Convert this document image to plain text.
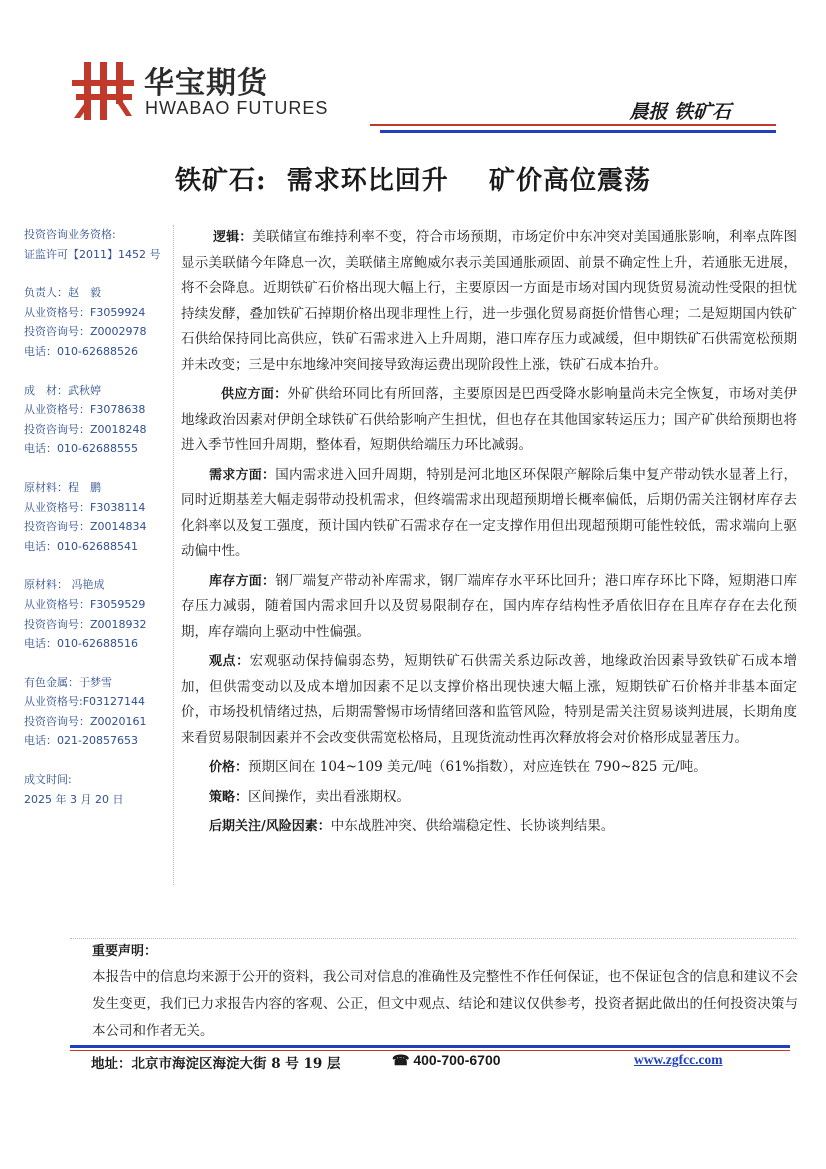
华宝期货
HWABAO FUTURES	晨报 铁矿石
铁矿石:  需求环比回升    矿价高位震荡
投资咨询业务资格:
证监许可【2011】1452 号
负责人：赵　毅
从业资格号：F3059924
投资咨询号：Z0002978
电话：010-62688526
成　材：武秋婷
从业资格号：F3078638
投资咨询号：Z0018248
电话：010-62688555
原材料：程　鹏
从业资格号：F3038114
投资咨询号：Z0014834
电话：010-62688541
原材料： 冯艳成
从业资格号：F3059529
投资咨询号：Z0018932
电话：010-62688516
有色金属：于梦雪
从业资格号:F03127144
投资咨询号：Z0020161
电话：021-20857653
成文时间:
2025 年 3 月 20 日

逻辑：美联储宣布维持利率不变，符合市场预期，市场定价中东冲突对美国通胀影响，利率点阵图显示美联储今年降息一次，美联储主席鲍威尔表示美国通胀顽固、前景不确定性上升，若通胀无进展，将不会降息。近期铁矿石价格出现大幅上行，主要原因一方面是市场对国内现货贸易流动性受限的担忧持续发酵，叠加铁矿石掉期价格出现非理性上行，进一步强化贸易商挺价惜售心理；二是短期国内铁矿石供给保持同比高供应，铁矿石需求进入上升周期，港口库存压力或减缓，但中期铁矿石供需宽松预期并未改变；三是中东地缘冲突间接导致海运费出现阶段性上涨，铁矿石成本抬升。

供应方面：外矿供给环同比有所回落，主要原因是巴西受降水影响量尚未完全恢复，市场对美伊地缘政治因素对伊朗全球铁矿石供给影响产生担忧，但也存在其他国家转运压力；国产矿供给预期也将进入季节性回升周期，整体看，短期供给端压力环比减弱。

需求方面：国内需求进入回升周期，特别是河北地区环保限产解除后集中复产带动铁水显著上行，同时近期基差大幅走弱带动投机需求，但终端需求出现超预期增长概率偏低，后期仍需关注钢材库存去化斜率以及复工强度，预计国内铁矿石需求存在一定支撑作用但出现超预期可能性较低，需求端向上驱动偏中性。

库存方面：钢厂端复产带动补库需求，钢厂端库存水平环比回升；港口库存环比下降，短期港口库存压力减弱，随着国内需求回升以及贸易限制存在，国内库存结构性矛盾依旧存在且库存存在去化预期，库存端向上驱动中性偏强。

观点：宏观驱动保持偏弱态势，短期铁矿石供需关系边际改善，地缘政治因素导致铁矿石成本增加，但供需变动以及成本增加因素不足以支撑价格出现快速大幅上涨，短期铁矿石价格并非基本面定价，市场投机情绪过热，后期需警惕市场情绪回落和监管风险，特别是需关注贸易谈判进展，长期角度来看贸易限制因素并不会改变供需宽松格局，且现货流动性再次释放将会对价格形成显著压力。

价格：预期区间在 104~109 美元/吨（61%指数），对应连铁在 790~825 元/吨。

策略：区间操作，卖出看涨期权。

后期关注/风险因素：中东战胜冲突、供给端稳定性、长协谈判结果。

重要声明：
本报告中的信息均来源于公开的资料，我公司对信息的准确性及完整性不作任何保证，也不保证包含的信息和建议不会发生变更，我们已力求报告内容的客观、公正，但文中观点、结论和建议仅供参考，投资者据此做出的任何投资决策与本公司和作者无关。
地址：北京市海淀区海淀大街 8 号 19 层	☎ 400-700-6700	www.zgfcc.com
